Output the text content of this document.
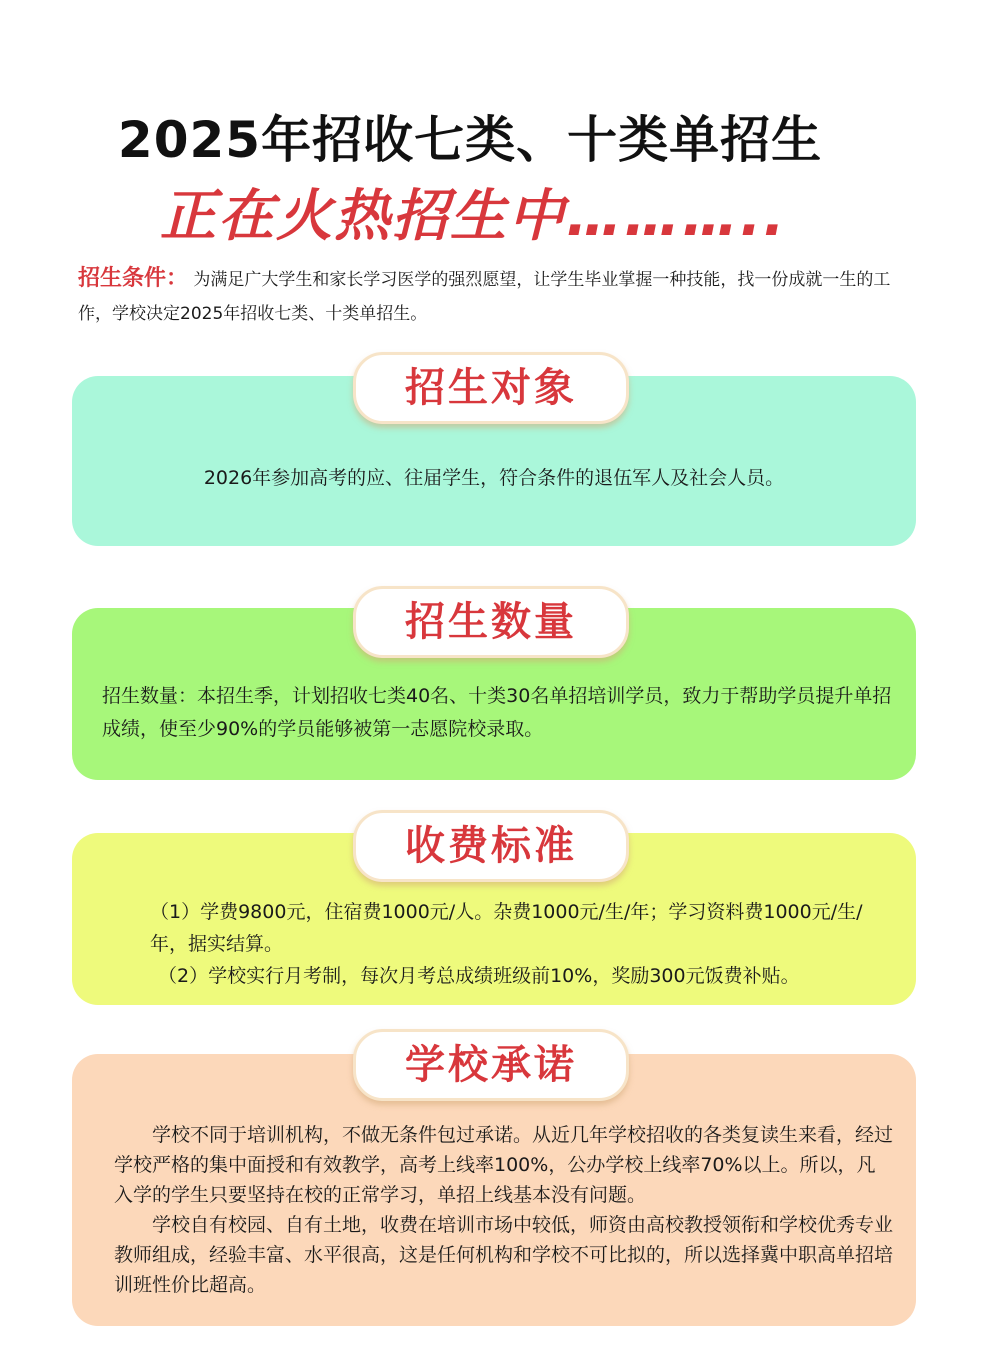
2025年招收七类、十类单招生
正在火热招生中………..
招生条件： 为满足广大学生和家长学习医学的强烈愿望，让学生毕业掌握一种技能，找一份成就一生的工作，学校决定2025年招收七类、十类单招生。
招生对象
2026年参加高考的应、往届学生，符合条件的退伍军人及社会人员。
招生数量
招生数量：本招生季，计划招收七类40名、十类30名单招培训学员，致力于帮助学员提升单招成绩，使至少90%的学员能够被第一志愿院校录取。
收费标准

（1）学费9800元，住宿费1000元/人。杂费1000元/生/年；学习资料费1000元/生/年，据实结算。

（2）学校实行月考制，每次月考总成绩班级前10%，奖励300元饭费补贴。

学校承诺

学校不同于培训机构，不做无条件包过承诺。从近几年学校招收的各类复读生来看，经过学校严格的集中面授和有效教学，高考上线率100%，公办学校上线率70%以上。所以，凡入学的学生只要坚持在校的正常学习，单招上线基本没有问题。

学校自有校园、自有土地，收费在培训市场中较低，师资由高校教授领衔和学校优秀专业教师组成，经验丰富、水平很高，这是任何机构和学校不可比拟的，所以选择冀中职高单招培训班性价比超高。
